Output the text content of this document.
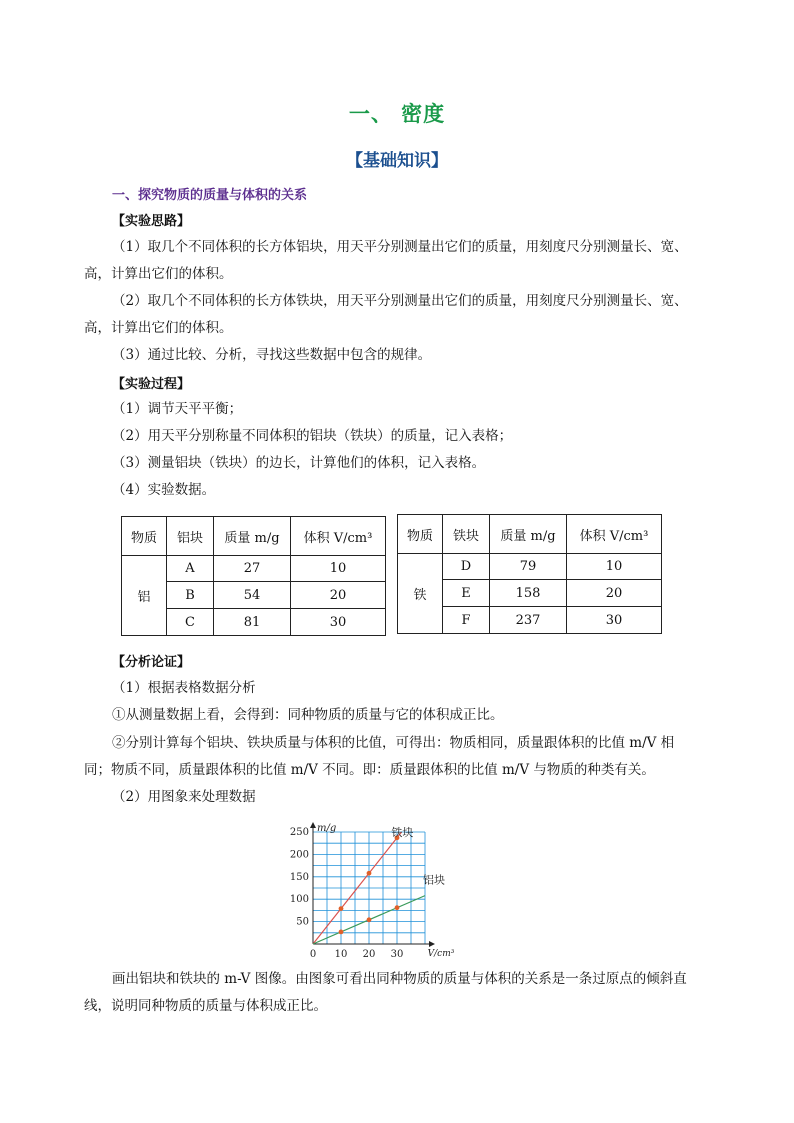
一、 密度
【基础知识】
一、探究物质的质量与体积的关系
【实验思路】
（1）取几个不同体积的长方体铝块，用天平分别测量出它们的质量，用刻度尺分别测量长、宽、
高，计算出它们的体积。
（2）取几个不同体积的长方体铁块，用天平分别测量出它们的质量，用刻度尺分别测量长、宽、
高，计算出它们的体积。
（3）通过比较、分析，寻找这些数据中包含的规律。
【实验过程】
（1）调节天平平衡；
（2）用天平分别称量不同体积的铝块（铁块）的质量，记入表格；
（3）测量铝块（铁块）的边长，计算他们的体积，记入表格。
（4）实验数据。
物质	铝块	质量 m/g	体积 V/cm³
铝	A	27	10
	B	54	20
	C	81	30
物质	铁块	质量 m/g	体积 V/cm³
铁	D	79	10
	E	158	20
	F	237	30
【分析论证】
（1）根据表格数据分析
①从测量数据上看，会得到：同种物质的质量与它的体积成正比。
②分别计算每个铝块、铁块质量与体积的比值，可得出：物质相同，质量跟体积的比值 m/V 相
同；物质不同，质量跟体积的比值 m/V 不同。即：质量跟体积的比值 m/V 与物质的种类有关。
（2）用图象来处理数据
0 10 20 30
50
100
150
200
250 m/g
V/cm³
铁块
铝块
画出铝块和铁块的 m-V 图像。由图象可看出同种物质的质量与体积的关系是一条过原点的倾斜直
线，说明同种物质的质量与体积成正比。
